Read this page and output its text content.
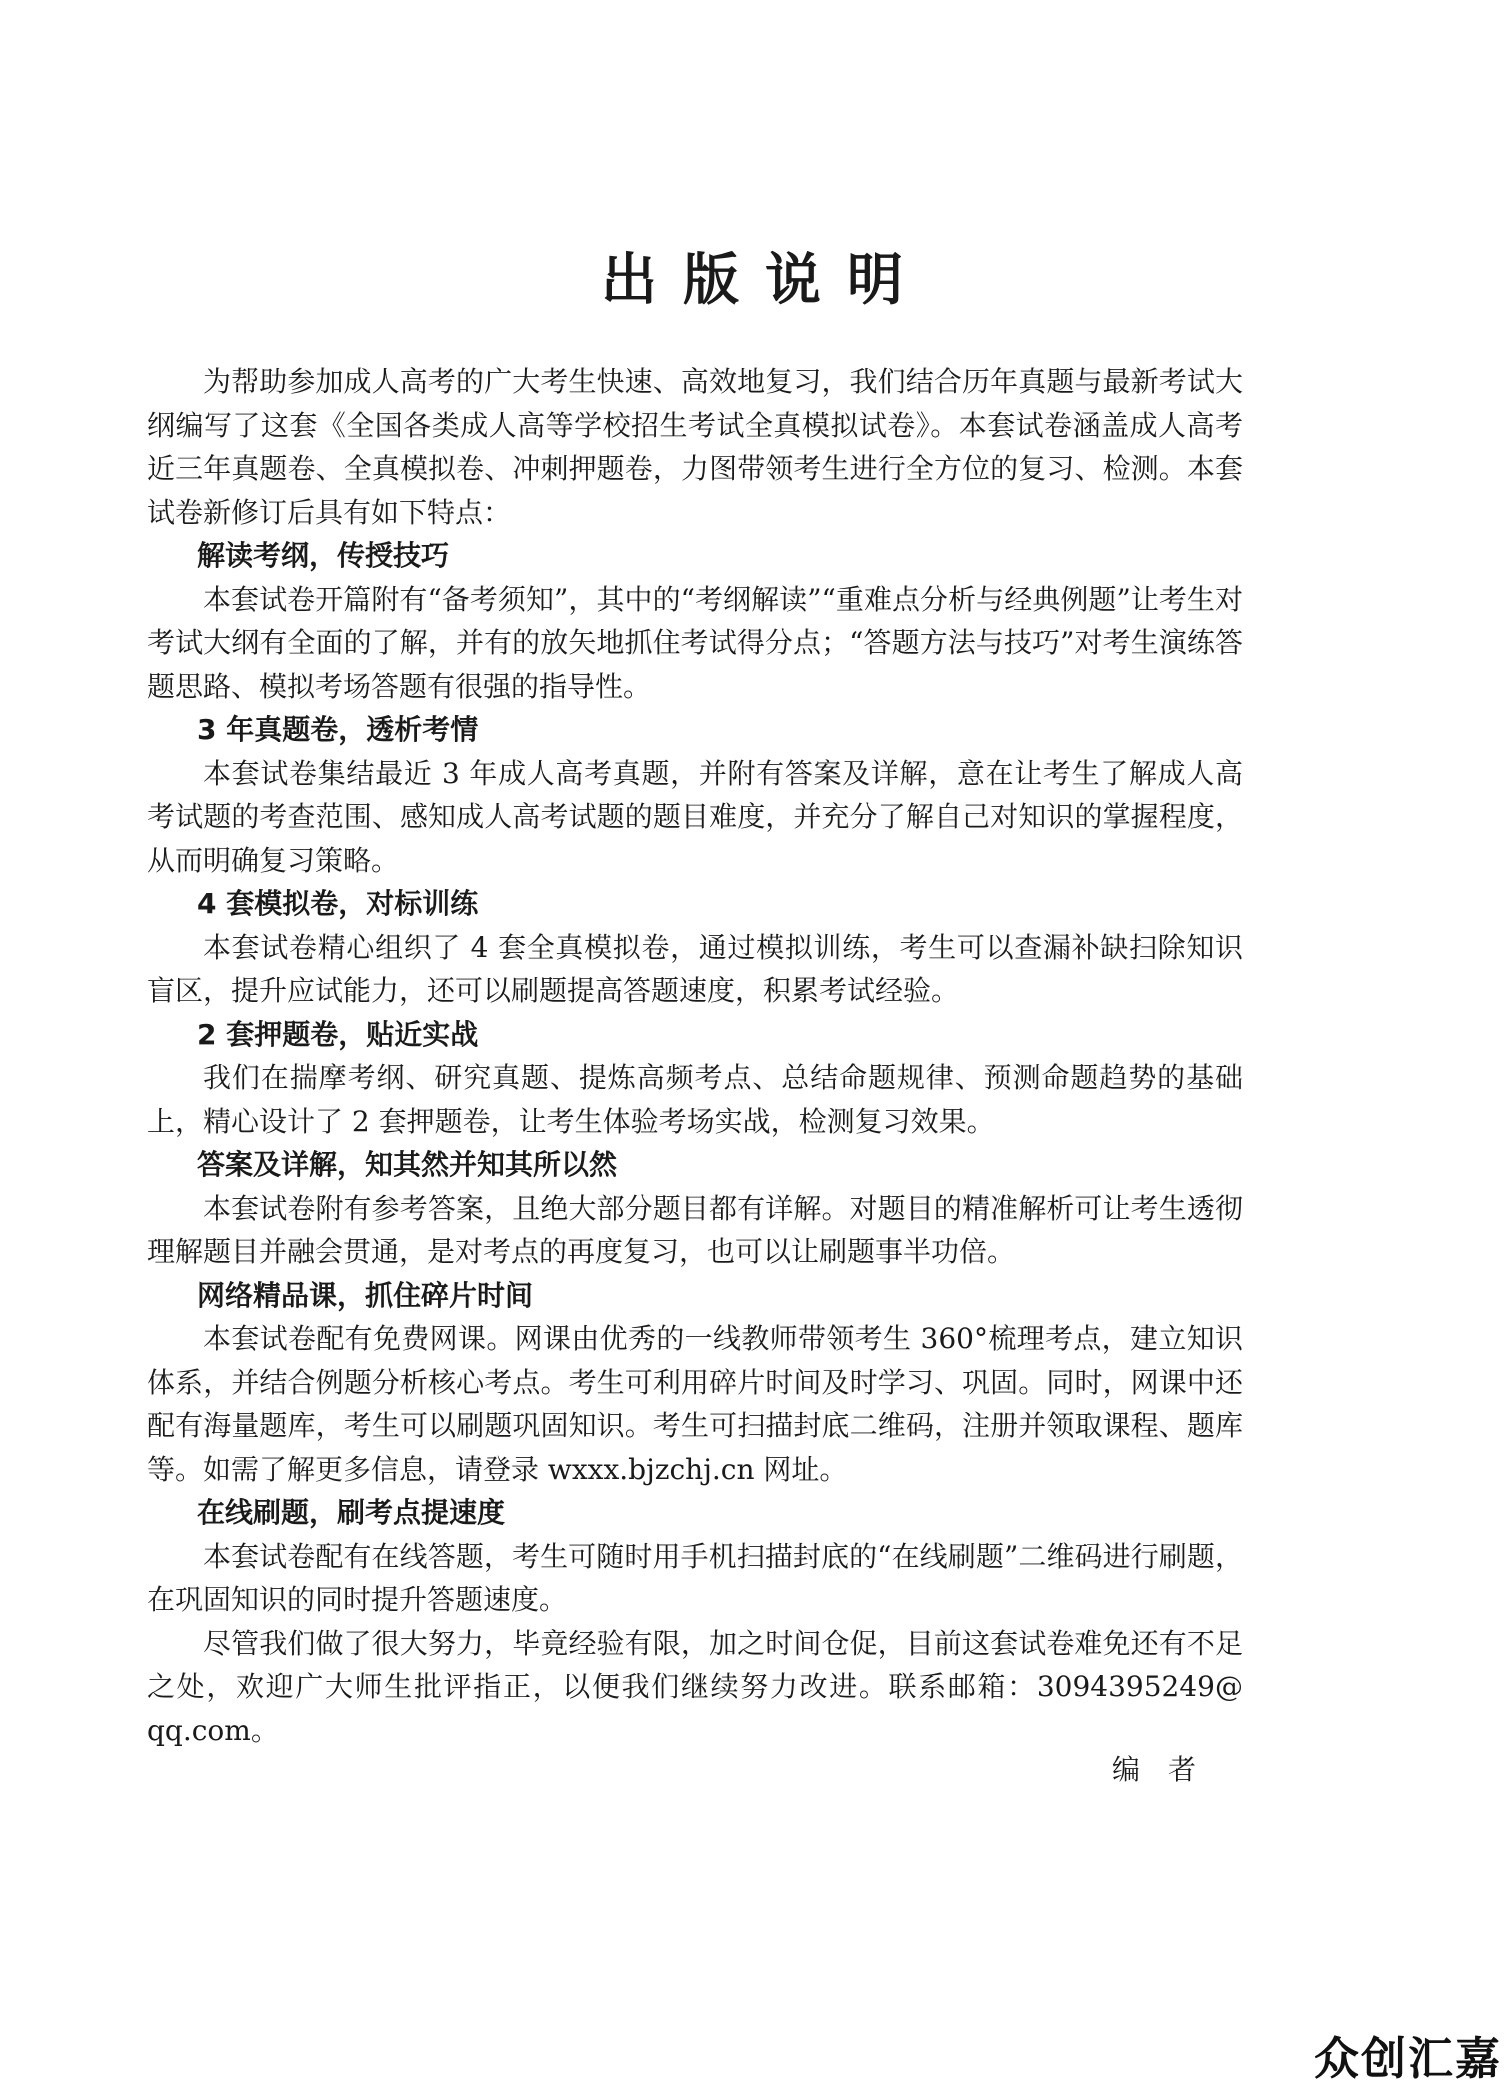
出版说明

为帮助参加成人高考的广大考生快速、高效地复习，我们结合历年真题与最新考试大纲编写了这套《全国各类成人高等学校招生考试全真模拟试卷》。本套试卷涵盖成人高考近三年真题卷、全真模拟卷、冲刺押题卷，力图带领考生进行全方位的复习、检测。本套试卷新修订后具有如下特点：

解读考纲，传授技巧

本套试卷开篇附有“备考须知”，其中的“考纲解读”“重难点分析与经典例题”让考生对考试大纲有全面的了解，并有的放矢地抓住考试得分点；“答题方法与技巧”对考生演练答题思路、模拟考场答题有很强的指导性。

3 年真题卷，透析考情

本套试卷集结最近 3 年成人高考真题，并附有答案及详解，意在让考生了解成人高考试题的考查范围、感知成人高考试题的题目难度，并充分了解自己对知识的掌握程度，从而明确复习策略。

4 套模拟卷，对标训练

本套试卷精心组织了 4 套全真模拟卷，通过模拟训练，考生可以查漏补缺扫除知识盲区，提升应试能力，还可以刷题提高答题速度，积累考试经验。

2 套押题卷，贴近实战

我们在揣摩考纲、研究真题、提炼高频考点、总结命题规律、预测命题趋势的基础上，精心设计了 2 套押题卷，让考生体验考场实战，检测复习效果。

答案及详解，知其然并知其所以然

本套试卷附有参考答案，且绝大部分题目都有详解。对题目的精准解析可让考生透彻理解题目并融会贯通，是对考点的再度复习，也可以让刷题事半功倍。

网络精品课，抓住碎片时间

本套试卷配有免费网课。网课由优秀的一线教师带领考生 360°梳理考点，建立知识体系，并结合例题分析核心考点。考生可利用碎片时间及时学习、巩固。同时，网课中还配有海量题库，考生可以刷题巩固知识。考生可扫描封底二维码，注册并领取课程、题库等。如需了解更多信息，请登录 wxxx.bjzchj.cn 网址。

在线刷题，刷考点提速度

本套试卷配有在线答题，考生可随时用手机扫描封底的“在线刷题”二维码进行刷题，在巩固知识的同时提升答题速度。

尽管我们做了很大努力，毕竟经验有限，加之时间仓促，目前这套试卷难免还有不足之处，欢迎广大师生批评指正，以便我们继续努力改进。联系邮箱：3094395249@ qq.com。

编者
众创汇嘉
